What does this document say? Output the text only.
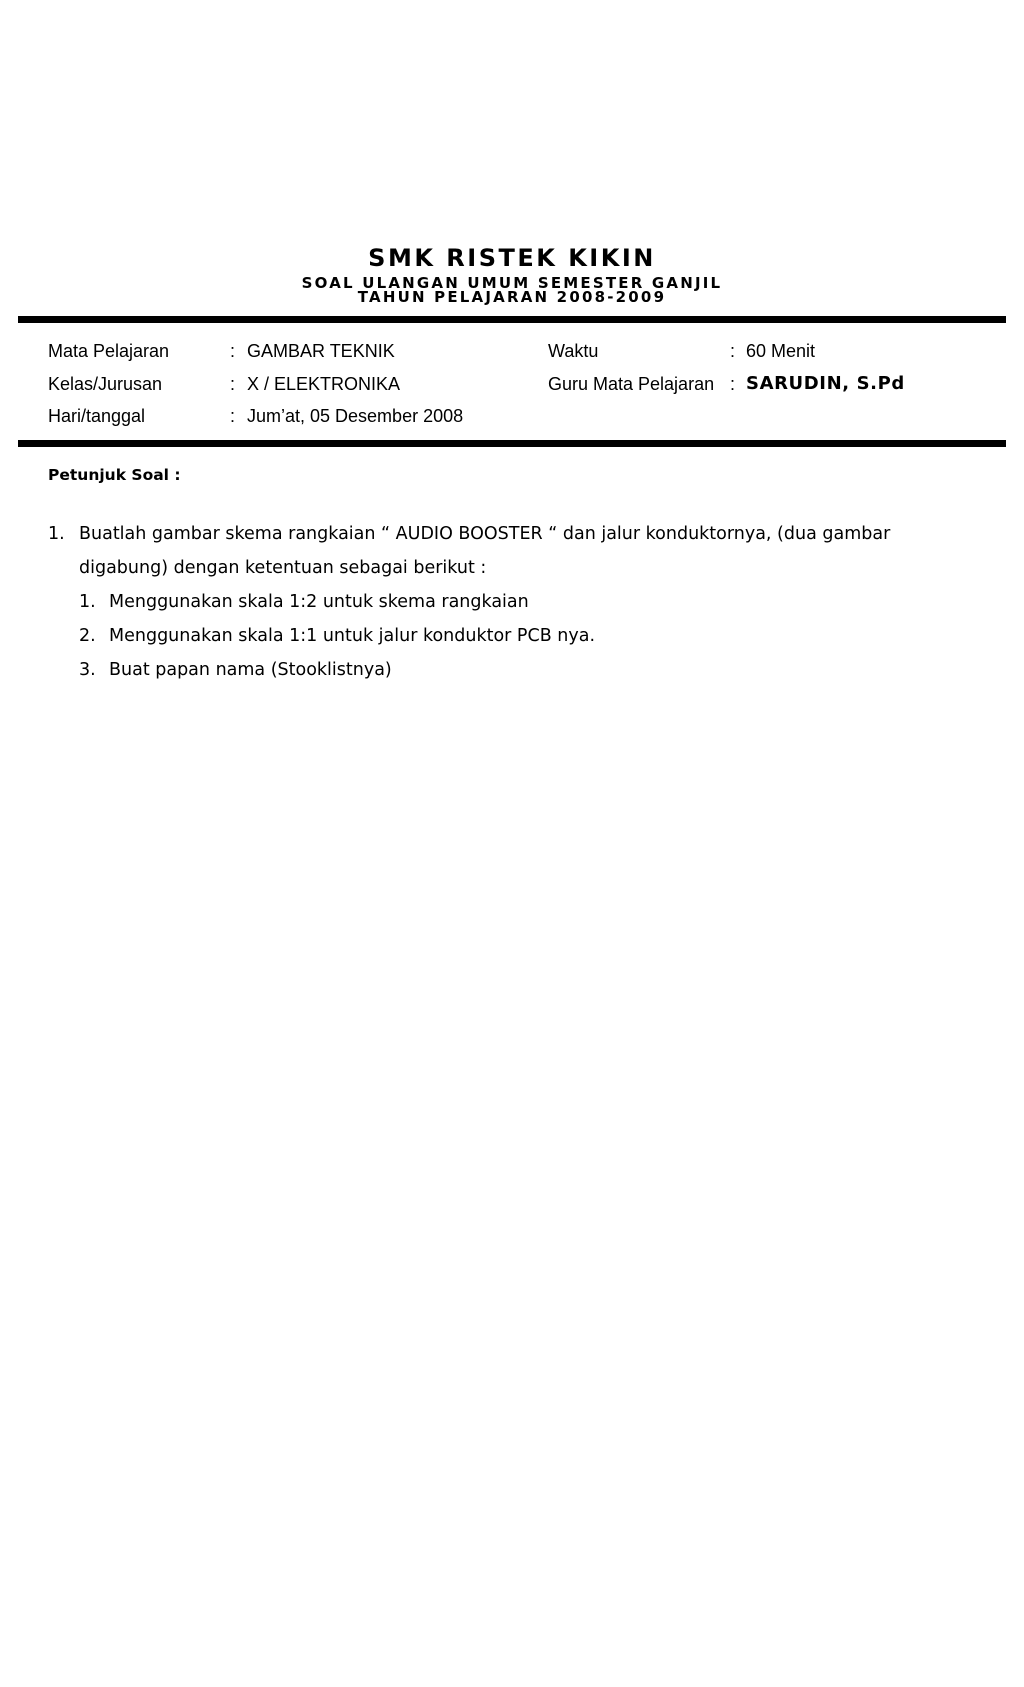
SMK RISTEK KIKIN
SOAL ULANGAN UMUM SEMESTER GANJIL
TAHUN PELAJARAN 2008-2009
Mata Pelajaran	: GAMBAR TEKNIK
Kelas/Jurusan	: X / ELEKTRONIKA
Hari/tanggal	: Jum’at, 05 Desember 2008
Waktu	: 60 Menit
Guru Mata Pelajaran : SARUDIN, S.Pd
Petunjuk Soal :
1. Buatlah gambar skema rangkaian “ AUDIO BOOSTER “ dan jalur konduktornya, (dua gambar
digabung) dengan ketentuan sebagai berikut :
1. Menggunakan skala 1:2 untuk skema rangkaian
2. Menggunakan skala 1:1 untuk jalur konduktor PCB nya.
3. Buat papan nama (Stooklistnya)
